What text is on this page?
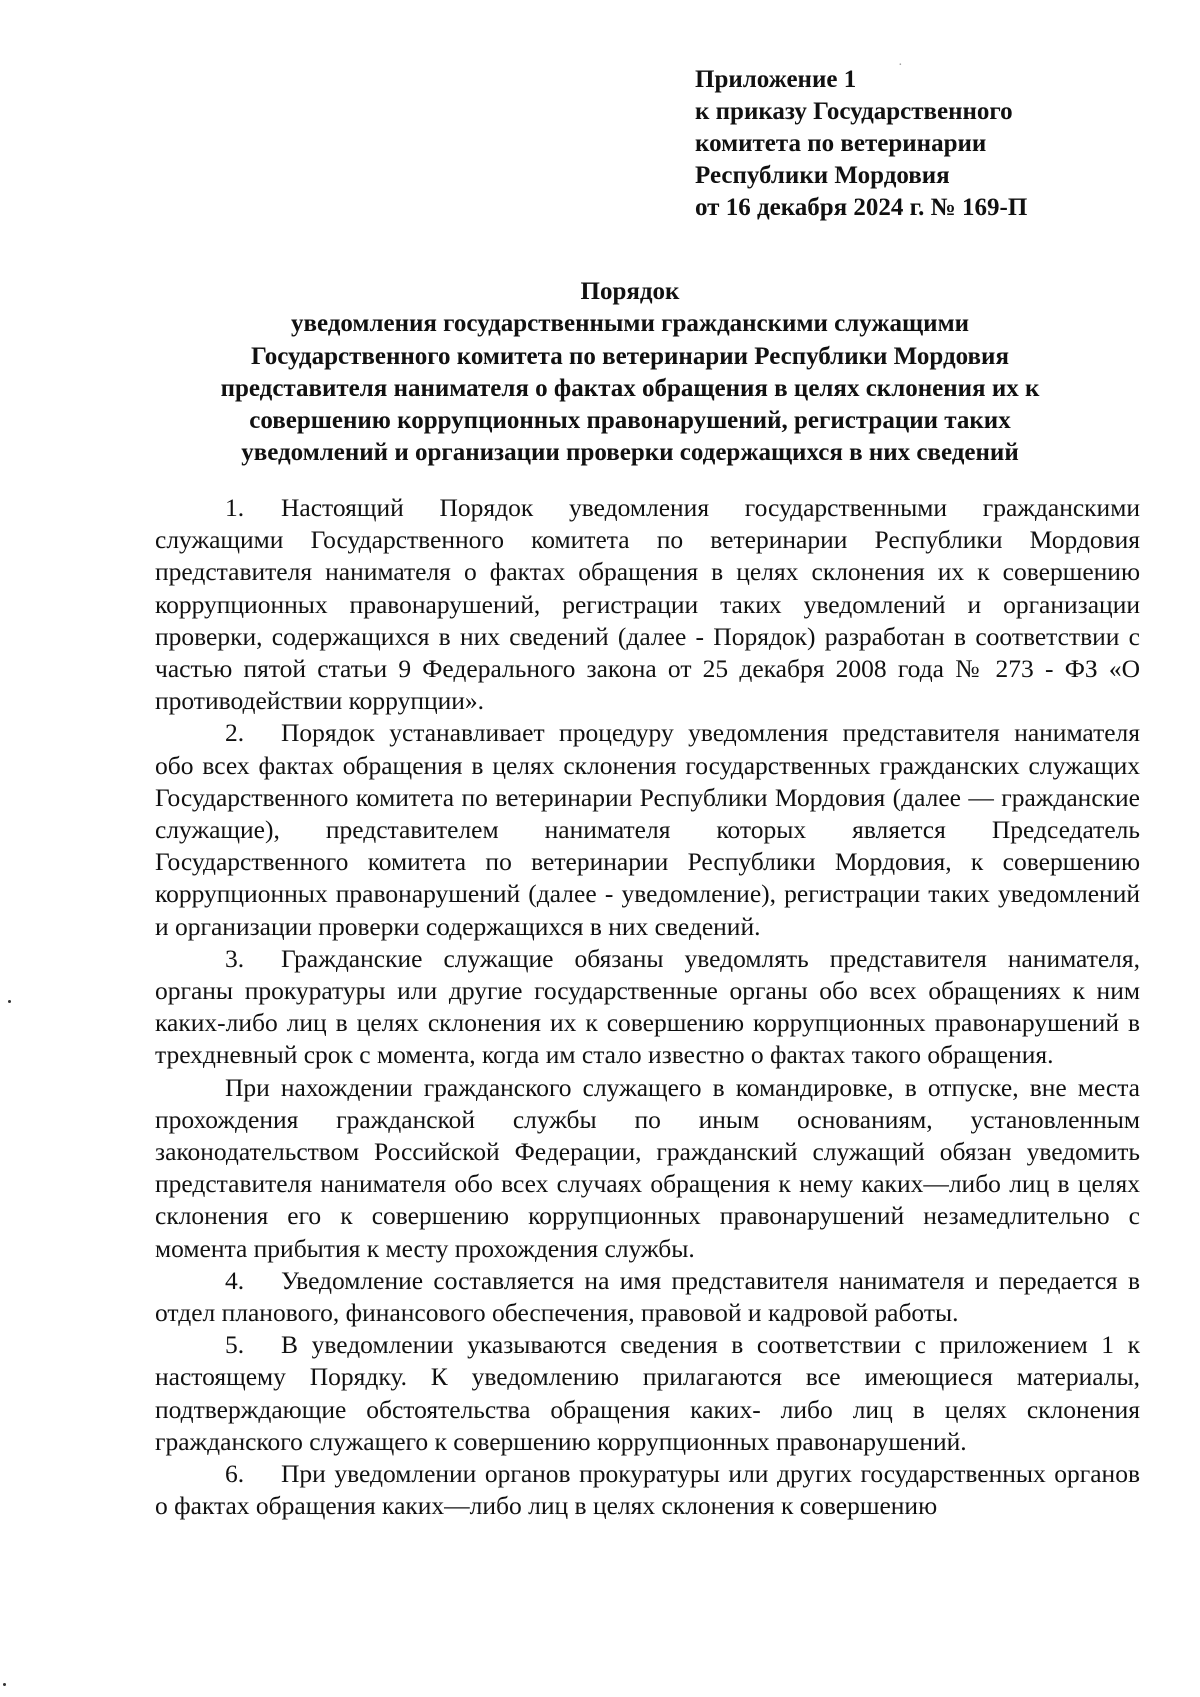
Приложение 1
к приказу Государственного
комитета по ветеринарии
Республики Мордовия
от 16 декабря 2024 г. № 169-П
Порядок
уведомления государственными гражданскими служащими
Государственного комитета по ветеринарии Республики Мордовия
представителя нанимателя о фактах обращения в целях склонения их к
совершению коррупционных правонарушений, регистрации таких
уведомлений и организации проверки содержащихся в них сведений

1. Настоящий Порядок уведомления государственными гражданскими служащими Государственного комитета по ветеринарии Республики Мордовия представителя нанимателя о фактах обращения в целях склонения их к совершению коррупционных правонарушений, регистрации таких уведомлений и организации проверки, содержащихся в них сведений (далее - Порядок) разработан в соответствии с частью пятой статьи 9 Федерального закона от 25 декабря 2008 года № 273 - ФЗ «О противодействии коррупции».

2. Порядок устанавливает процедуру уведомления представителя нанимателя обо всех фактах обращения в целях склонения государственных гражданских служащих Государственного комитета по ветеринарии Республики Мордовия (далее — гражданские служащие), представителем нанимателя которых является Председатель Государственного комитета по ветеринарии Республики Мордовия, к совершению коррупционных правонарушений (далее - уведомление), регистрации таких уведомлений и организации проверки содержащихся в них сведений.

3. Гражданские служащие обязаны уведомлять представителя нанимателя, органы прокуратуры или другие государственные органы обо всех обращениях к ним каких-либо лиц в целях склонения их к совершению коррупционных правонарушений в трехдневный срок с момента, когда им стало известно о фактах такого обращения.

При нахождении гражданского служащего в командировке, в отпуске, вне места прохождения гражданской службы по иным основаниям, установленным законодательством Российской Федерации, гражданский служащий обязан уведомить представителя нанимателя обо всех случаях обращения к нему каких—либо лиц в целях склонения его к совершению коррупционных правонарушений незамедлительно с момента прибытия к месту прохождения службы.

4. Уведомление составляется на имя представителя нанимателя и передается в отдел планового, финансового обеспечения, правовой и кадровой работы.

5. В уведомлении указываются сведения в соответствии с приложением 1 к настоящему Порядку. К уведомлению прилагаются все имеющиеся материалы, подтверждающие обстоятельства обращения каких- либо лиц в целях склонения гражданского служащего к совершению коррупционных правонарушений.

6. При уведомлении органов прокуратуры или других государственных органов о фактах обращения каких—либо лиц в целях склонения к совершению

·
